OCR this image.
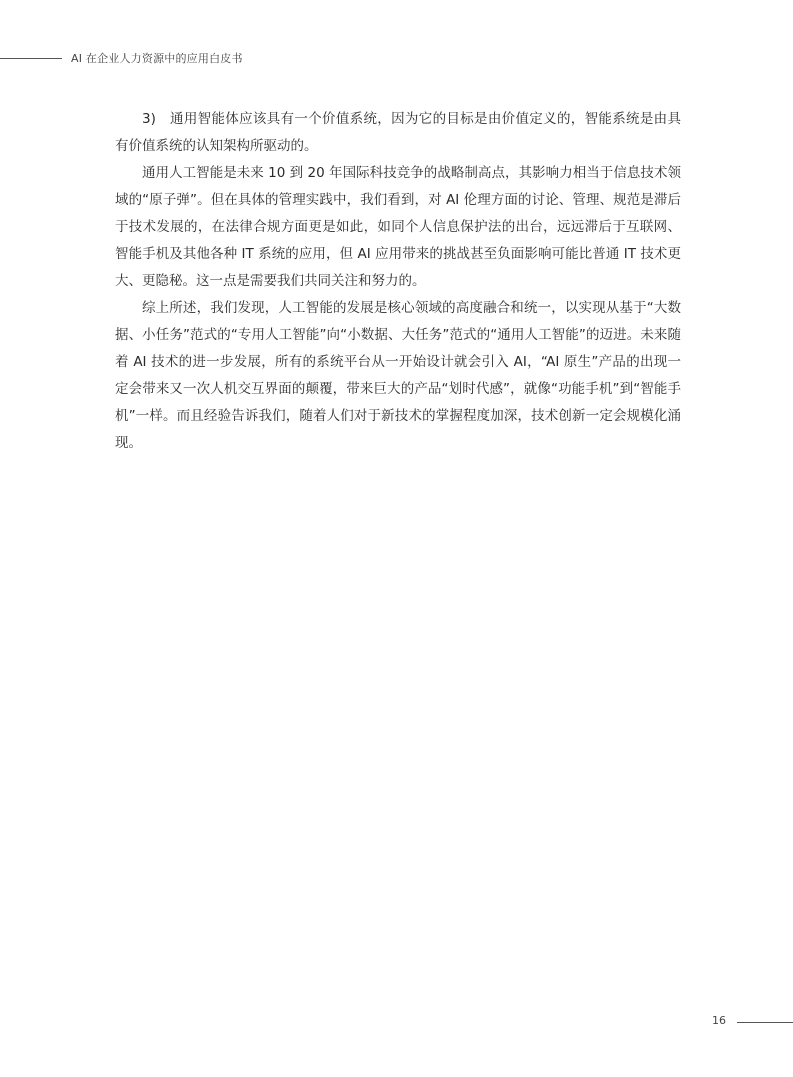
AI 在企业人力资源中的应用白皮书

3)　通用智能体应该具有一个价值系统，因为它的目标是由价值定义的，智能系统是由具有价值系统的认知架构所驱动的。

通用人工智能是未来 10 到 20 年国际科技竞争的战略制高点，其影响力相当于信息技术领域的“原子弹”。但在具体的管理实践中，我们看到，对 AI 伦理方面的讨论、管理、规范是滞后于技术发展的，在法律合规方面更是如此，如同个人信息保护法的出台，远远滞后于互联网、智能手机及其他各种 IT 系统的应用，但 AI 应用带来的挑战甚至负面影响可能比普通 IT 技术更大、更隐秘。这一点是需要我们共同关注和努力的。

综上所述，我们发现，人工智能的发展是核心领域的高度融合和统一，以实现从基于“大数据、小任务”范式的“专用人工智能”向“小数据、大任务”范式的“通用人工智能”的迈进。未来随着 AI 技术的进一步发展，所有的系统平台从一开始设计就会引入 AI，“AI 原生”产品的出现一定会带来又一次人机交互界面的颠覆，带来巨大的产品“划时代感”，就像“功能手机”到“智能手机”一样。而且经验告诉我们，随着人们对于新技术的掌握程度加深，技术创新一定会规模化涌现。

16
